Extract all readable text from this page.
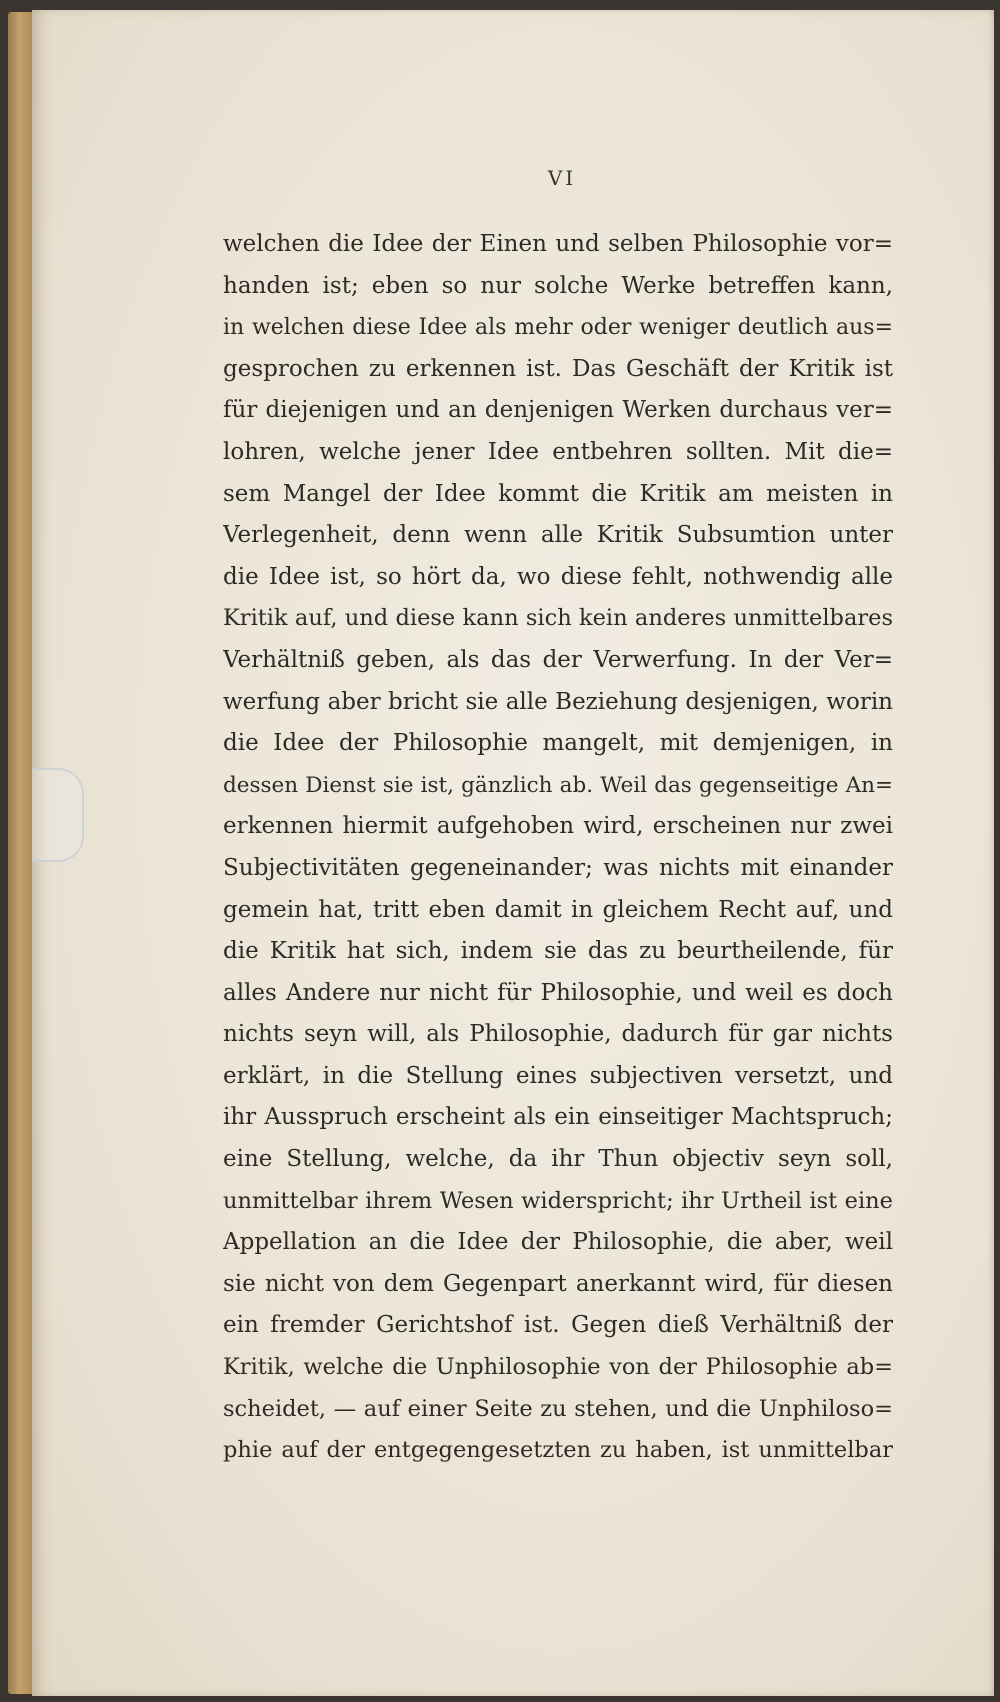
VI
welchen die Idee der Einen und selben Philosophie vor=
handen ist; eben so nur solche Werke betreffen kann,
in welchen diese Idee als mehr oder weniger deutlich aus=
gesprochen zu erkennen ist. Das Geschäft der Kritik ist
für diejenigen und an denjenigen Werken durchaus ver=
lohren, welche jener Idee entbehren sollten. Mit die=
sem Mangel der Idee kommt die Kritik am meisten in
Verlegenheit, denn wenn alle Kritik Subsumtion unter
die Idee ist, so hört da, wo diese fehlt, nothwendig alle
Kritik auf, und diese kann sich kein anderes unmittelbares
Verhältniß geben, als das der Verwerfung. In der Ver=
werfung aber bricht sie alle Beziehung desjenigen, worin
die Idee der Philosophie mangelt, mit demjenigen, in
dessen Dienst sie ist, gänzlich ab. Weil das gegenseitige An=
erkennen hiermit aufgehoben wird, erscheinen nur zwei
Subjectivitäten gegeneinander; was nichts mit einander
gemein hat, tritt eben damit in gleichem Recht auf, und
die Kritik hat sich, indem sie das zu beurtheilende, für
alles Andere nur nicht für Philosophie, und weil es doch
nichts seyn will, als Philosophie, dadurch für gar nichts
erklärt, in die Stellung eines subjectiven versetzt, und
ihr Ausspruch erscheint als ein einseitiger Machtspruch;
eine Stellung, welche, da ihr Thun objectiv seyn soll,
unmittelbar ihrem Wesen widerspricht; ihr Urtheil ist eine
Appellation an die Idee der Philosophie, die aber, weil
sie nicht von dem Gegenpart anerkannt wird, für diesen
ein fremder Gerichtshof ist. Gegen dieß Verhältniß der
Kritik, welche die Unphilosophie von der Philosophie ab=
scheidet, — auf einer Seite zu stehen, und die Unphiloso=
phie auf der entgegengesetzten zu haben, ist unmittelbar
